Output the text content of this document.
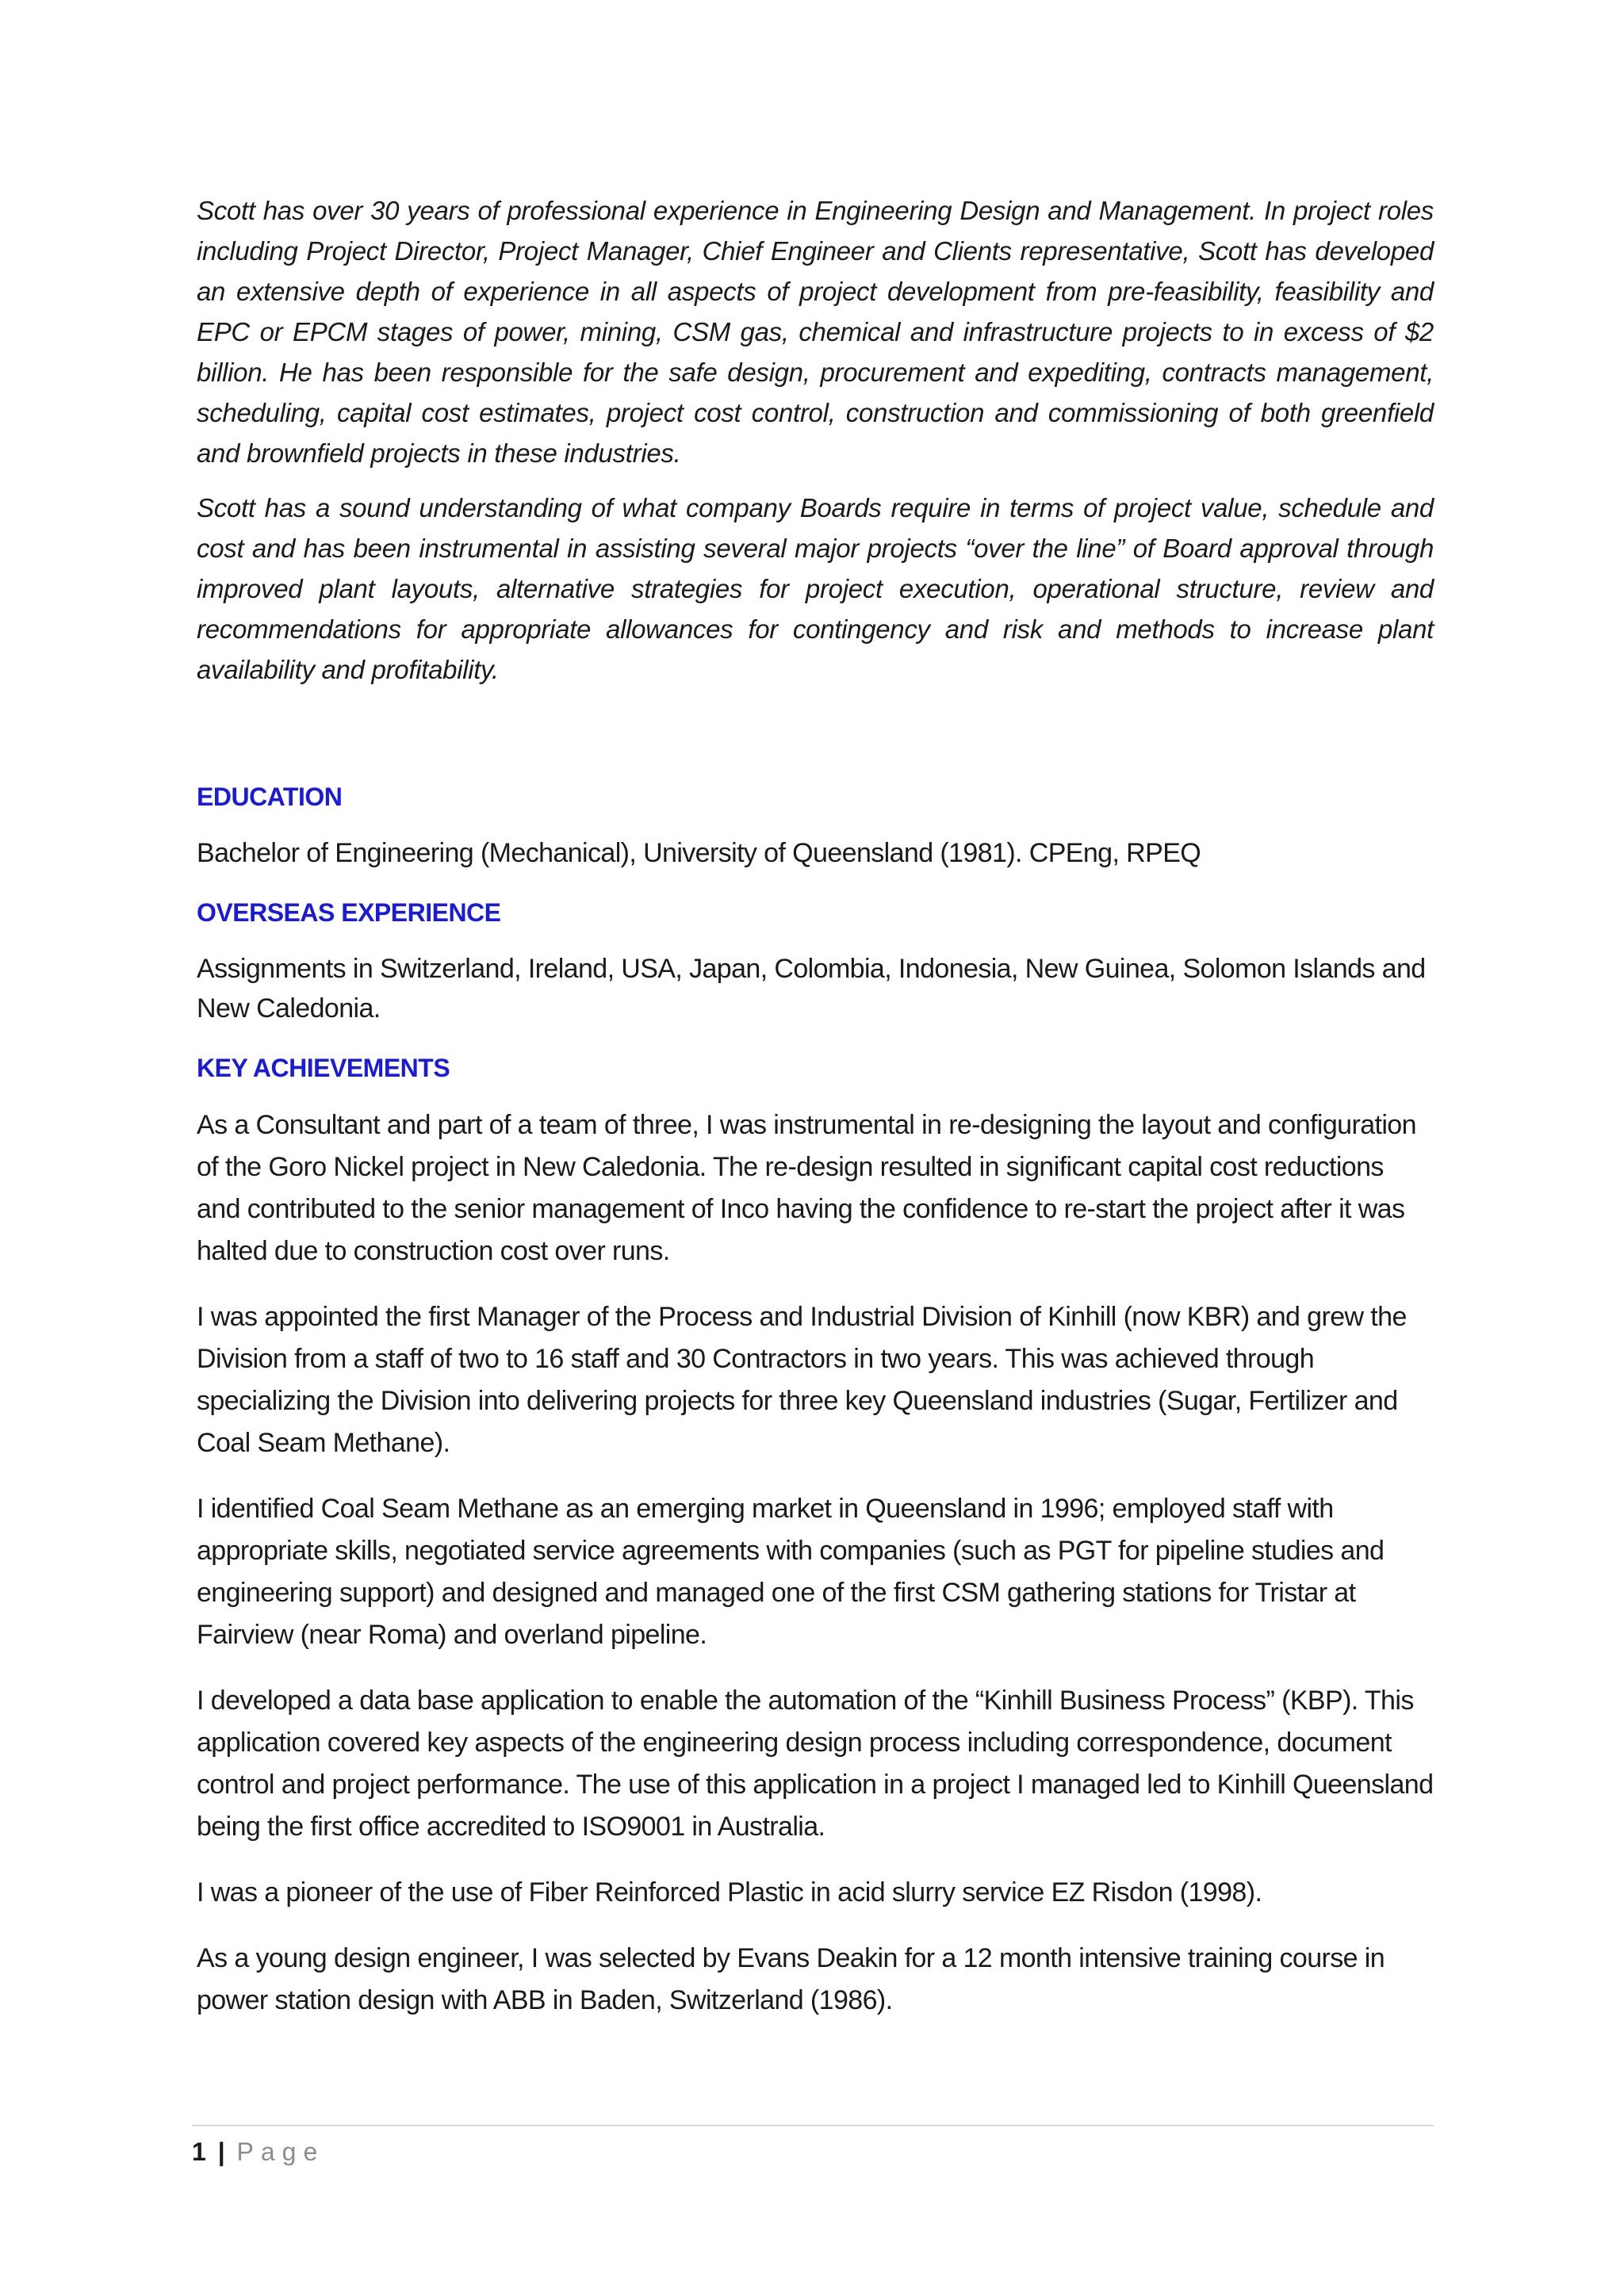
Scott has over 30 years of professional experience in Engineering Design and Management. In project roles including Project Director, Project Manager, Chief Engineer and Clients representative, Scott has developed an extensive depth of experience in all aspects of project development from pre-feasibility, feasibility and EPC or EPCM stages of power, mining, CSM gas, chemical and infrastructure projects to in excess of $2 billion. He has been responsible for the safe design, procurement and expediting, contracts management, scheduling, capital cost estimates, project cost control, construction and commissioning of both greenfield and brownfield projects in these industries.

Scott has a sound understanding of what company Boards require in terms of project value, schedule and cost and has been instrumental in assisting several major projects “over the line” of Board approval through improved plant layouts, alternative strategies for project execution, operational structure, review and recommendations for appropriate allowances for contingency and risk and methods to increase plant availability and profitability.

EDUCATION

Bachelor of Engineering (Mechanical), University of Queensland (1981). CPEng, RPEQ

OVERSEAS EXPERIENCE

Assignments in Switzerland, Ireland, USA, Japan, Colombia, Indonesia, New Guinea, Solomon Islands and New Caledonia.

KEY ACHIEVEMENTS

As a Consultant and part of a team of three, I was instrumental in re-designing the layout and configuration of the Goro Nickel project in New Caledonia. The re-design resulted in significant capital cost reductions and contributed to the senior management of Inco having the confidence to re-start the project after it was halted due to construction cost over runs.

I was appointed the first Manager of the Process and Industrial Division of Kinhill (now KBR) and grew the Division from a staff of two to 16 staff and 30 Contractors in two years. This was achieved through specializing the Division into delivering projects for three key Queensland industries (Sugar, Fertilizer and Coal Seam Methane).

I identified Coal Seam Methane as an emerging market in Queensland in 1996; employed staff with appropriate skills, negotiated service agreements with companies (such as PGT for pipeline studies and engineering support) and designed and managed one of the first CSM gathering stations for Tristar at Fairview (near Roma) and overland pipeline.

I developed a data base application to enable the automation of the “Kinhill Business Process” (KBP). This application covered key aspects of the engineering design process including correspondence, document control and project performance. The use of this application in a project I managed led to Kinhill Queensland being the first office accredited to ISO9001 in Australia.

I was a pioneer of the use of Fiber Reinforced Plastic in acid slurry service EZ Risdon (1998).

As a young design engineer, I was selected by Evans Deakin for a 12 month intensive training course in power station design with ABB in Baden, Switzerland (1986).

1 | Page
